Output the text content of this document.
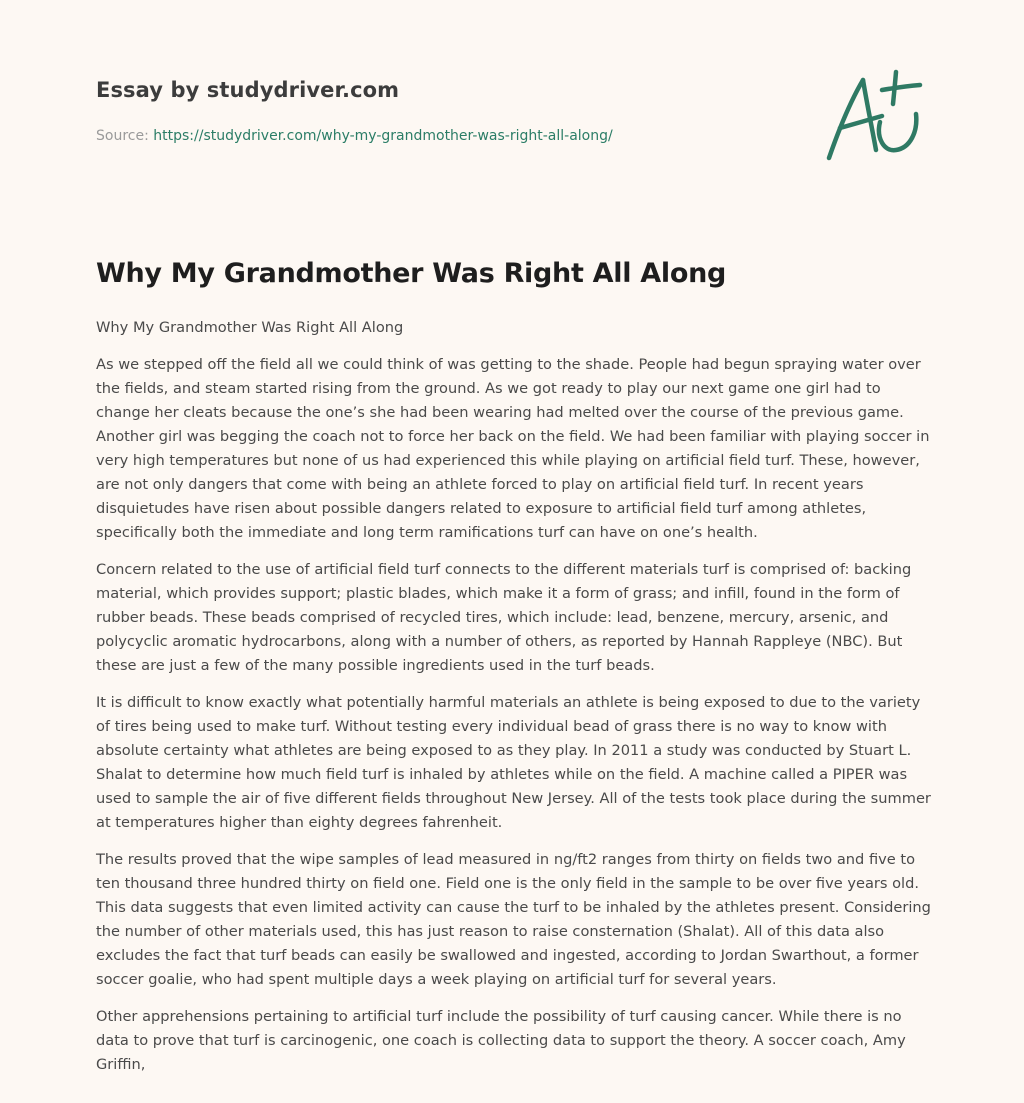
Essay by studydriver.com

Source: https://studydriver.com/why-my-grandmother-was-right-all-along/
Why My Grandmother Was Right All Along

Why My Grandmother Was Right All Along

As we stepped off the field all we could think of was getting to the shade. People had begun spraying water over the fields, and steam started rising from the ground. As we got ready to play our next game one girl had to change her cleats because the one’s she had been wearing had melted over the course of the previous game. Another girl was begging the coach not to force her back on the field. We had been familiar with playing soccer in very high temperatures but none of us had experienced this while playing on artificial field turf. These, however, are not only dangers that come with being an athlete forced to play on artificial field turf. In recent years disquietudes have risen about possible dangers related to exposure to artificial field turf among athletes, specifically both the immediate and long term ramifications turf can have on one’s health.

Concern related to the use of artificial field turf connects to the different materials turf is comprised of: backing material, which provides support; plastic blades, which make it a form of grass; and infill, found in the form of rubber beads. These beads comprised of recycled tires, which include: lead, benzene, mercury, arsenic, and polycyclic aromatic hydrocarbons, along with a number of others, as reported by Hannah Rappleye (NBC). But these are just a few of the many possible ingredients used in the turf beads.

It is difficult to know exactly what potentially harmful materials an athlete is being exposed to due to the variety of tires being used to make turf. Without testing every individual bead of grass there is no way to know with absolute certainty what athletes are being exposed to as they play. In 2011 a study was conducted by Stuart L. Shalat to determine how much field turf is inhaled by athletes while on the field. A machine called a PIPER was used to sample the air of five different fields throughout New Jersey. All of the tests took place during the summer at temperatures higher than eighty degrees fahrenheit.

The results proved that the wipe samples of lead measured in ng/ft2 ranges from thirty on fields two and five to ten thousand three hundred thirty on field one. Field one is the only field in the sample to be over five years old. This data suggests that even limited activity can cause the turf to be inhaled by the athletes present. Considering the number of other materials used, this has just reason to raise consternation (Shalat). All of this data also excludes the fact that turf beads can easily be swallowed and ingested, according to Jordan Swarthout, a former soccer goalie, who had spent multiple days a week playing on artificial turf for several years.

Other apprehensions pertaining to artificial turf include the possibility of turf causing cancer. While there is no data to prove that turf is carcinogenic, one coach is collecting data to support the theory. A soccer coach, Amy Griffin,
